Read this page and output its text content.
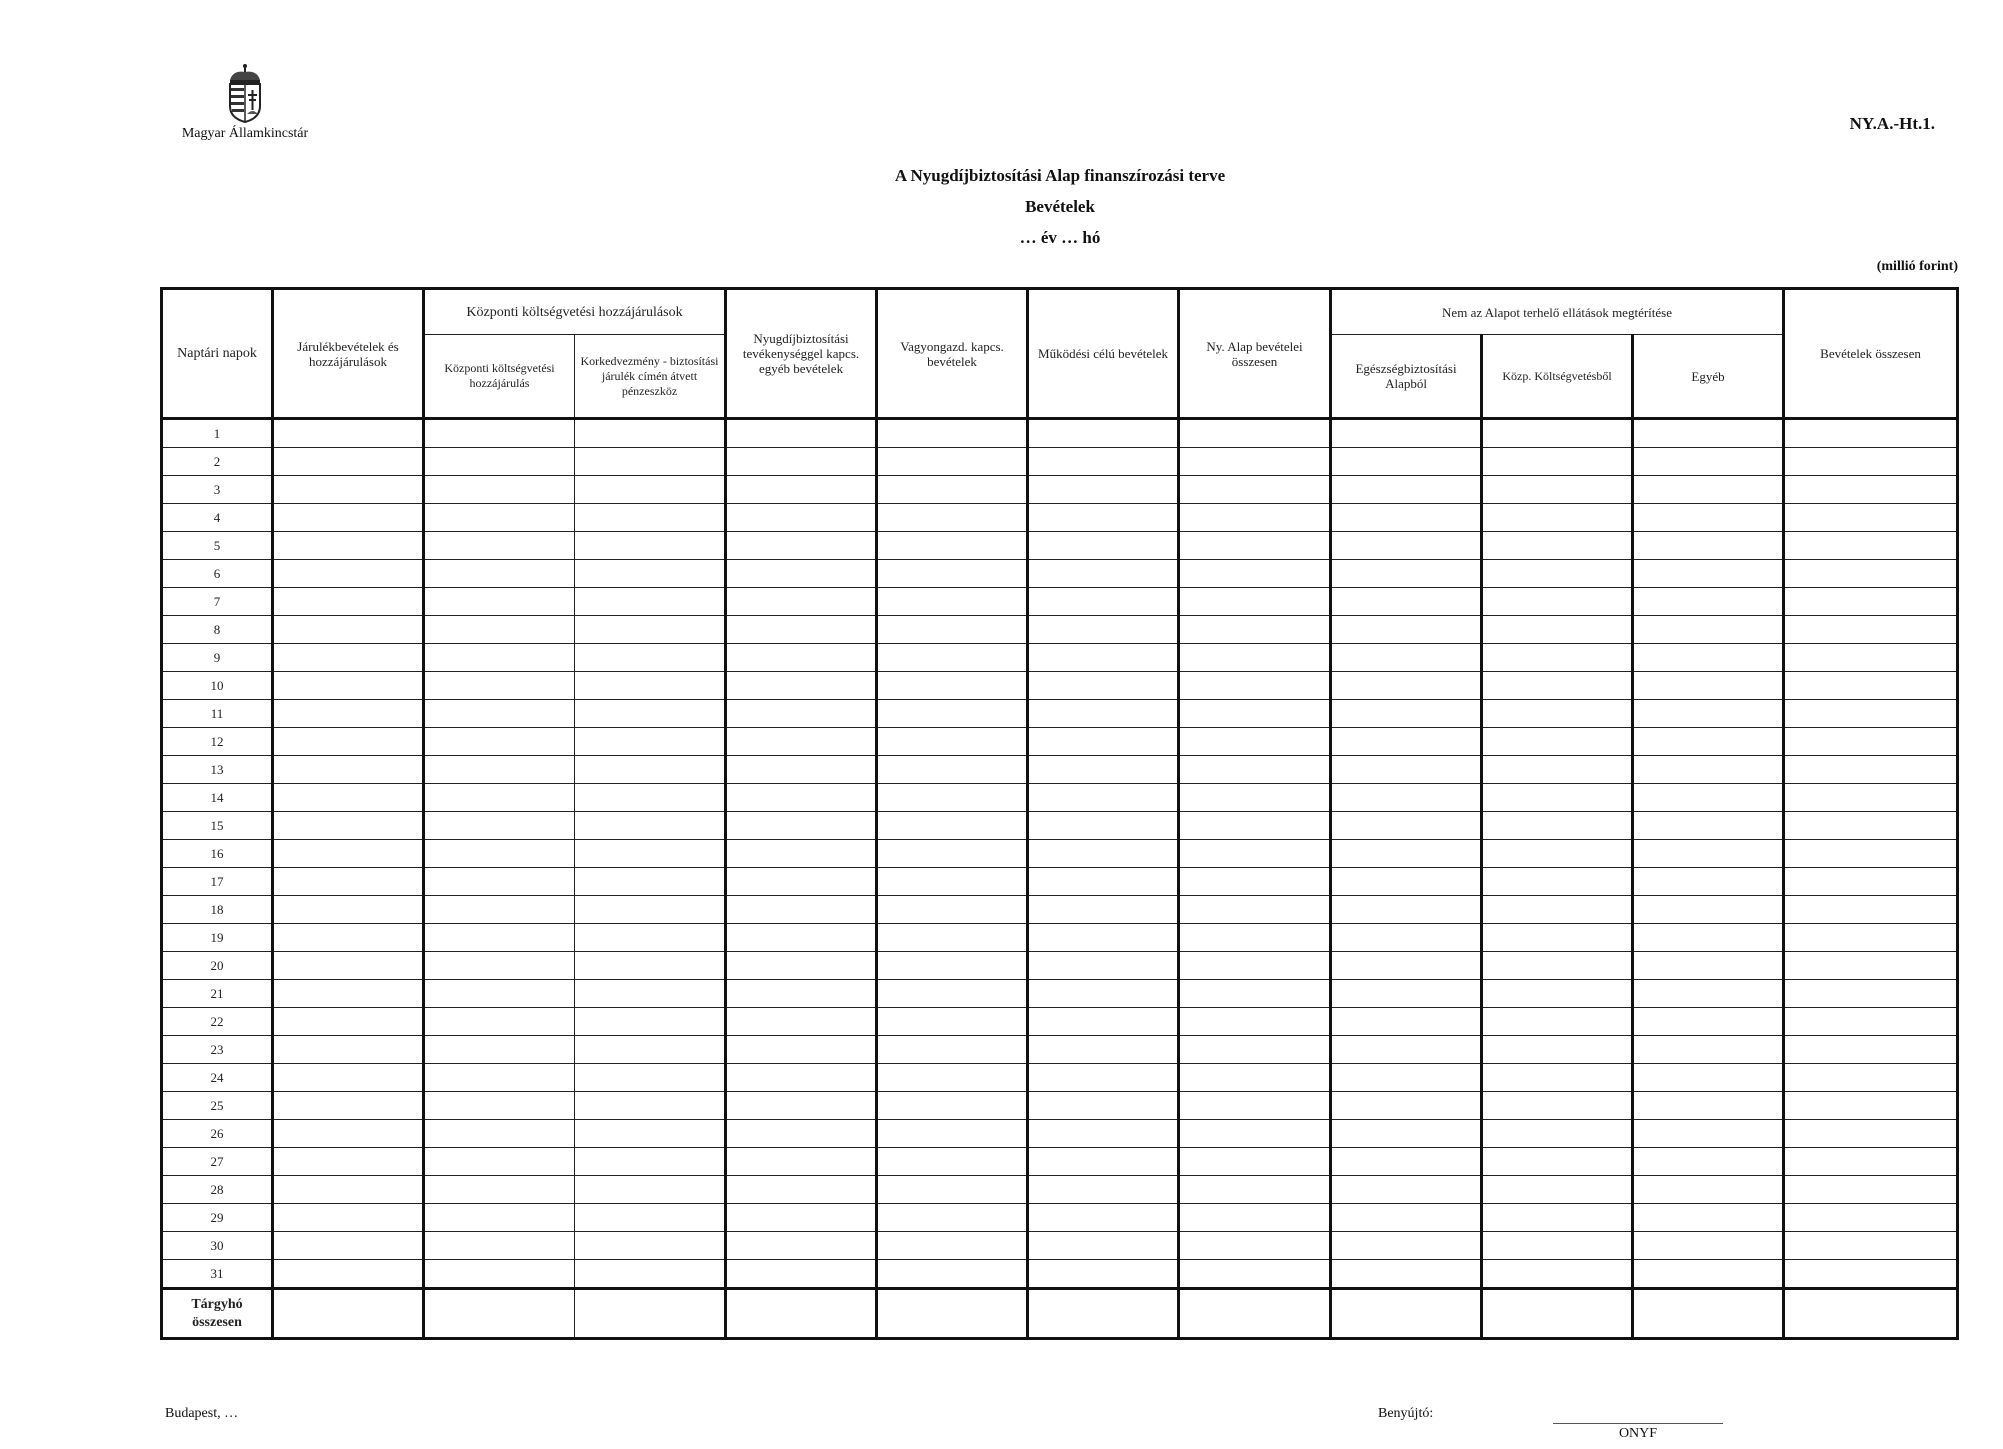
Magyar Államkincstár
NY.A.-Ht.1.
A Nyugdíjbiztosítási Alap finanszírozási terve
Bevételek
… év … hó
(millió forint)
Naptári napok	Járulékbevételek és hozzájárulások	Központi költségvetési hozzájárulások		Nyugdíjbiztosítási tevékenységgel kapcs. egyéb bevételek	Vagyongazd. kapcs. bevételek	Működési célú bevételek	Ny. Alap bevételei összesen	Nem az Alapot terhelő ellátások megtérítése			Bevételek összesen
		Központi költségvetési hozzájárulás	Korkedvezmény - biztosítási járulék címén átvett pénzeszköz					Egészségbiztosítási Alapból	Közp. Költségvetésből	Egyéb	
1											
2											
3											
4											
5											
6											
7											
8											
9											
10											
11											
12											
13											
14											
15											
16											
17											
18											
19											
20											
21											
22											
23											
24											
25											
26											
27											
28											
29											
30											
31											
Tárgyhó összesen											
Budapest, …	Benyújtó:
ONYF
